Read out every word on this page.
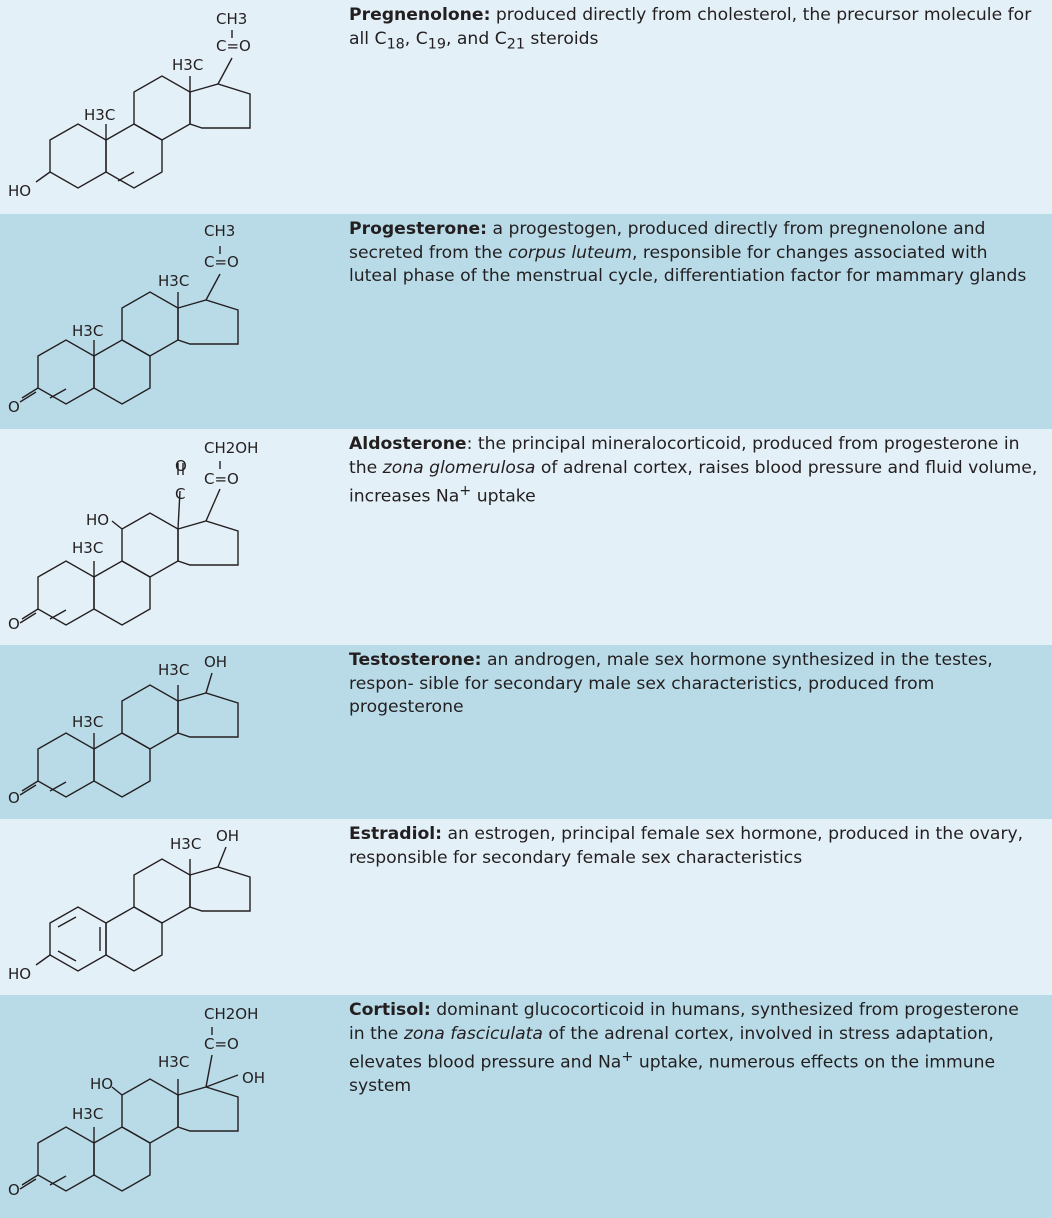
CH3
C=O
H3C
H3C
HO
Pregnenolone: produced directly from cholesterol, the precursor molecule for all $C_{18}$, $C_{19}$, and $C_{21}$ steroids
CH3
C=O
H3C
H3C
O
Progesterone: a progestogen, produced directly from pregnenolone and secreted from the corpus luteum, responsible for changes associated with luteal phase of the menstrual cycle, differentiation factor for mammary glands
CH2OH
C=O
O
C
HO
H3C
O
Aldosterone: the principal mineralocorticoid, produced from progesterone in the zona glomerulosa of adrenal cortex, raises blood pressure and fluid volume, increases Na+ uptake
H3C OH
H3C
O
Testosterone: an androgen, male sex hormone synthesized in the testes, respon- sible for secondary male sex characteristics, produced from progesterone
H3C OH
HO
Estradiol: an estrogen, principal female sex hormone, produced in the ovary, responsible for secondary female sex characteristics
CH2OH
C=O
H3C
OH
HO
H3C
O
Cortisol: dominant glucocorticoid in humans, synthesized from progesterone in the zona fasciculata of the adrenal cortex, involved in stress adaptation, elevates blood pressure and Na+ uptake, numerous effects on the immune system
